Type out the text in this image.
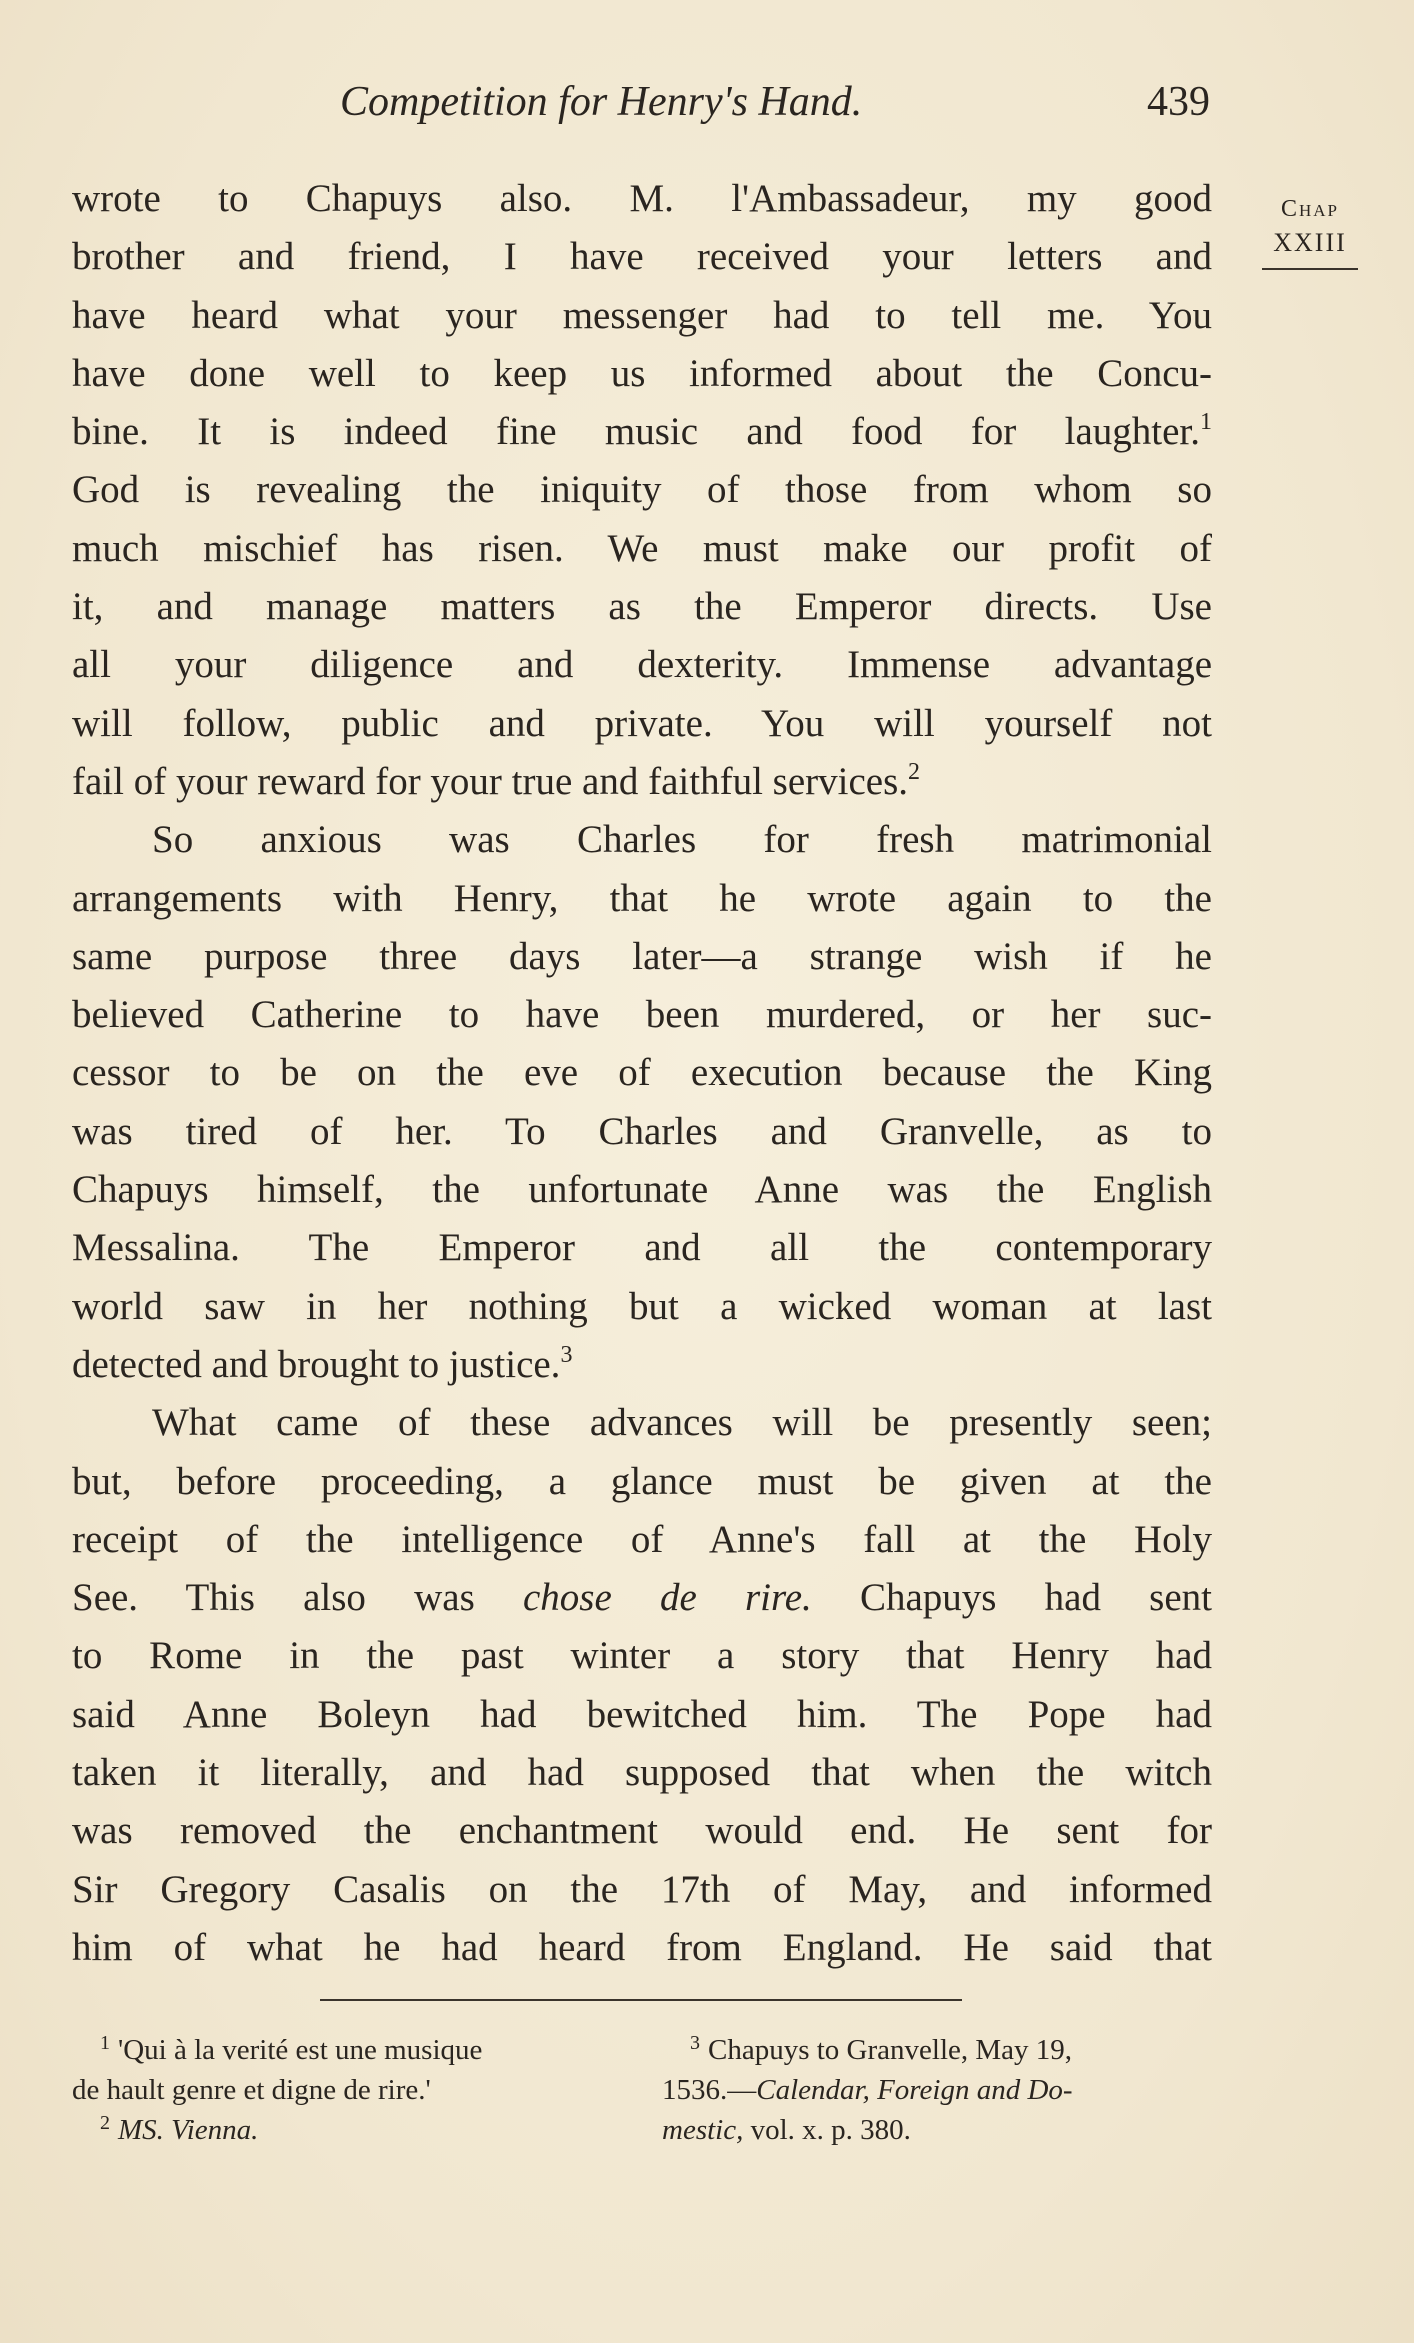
Competition for Henry's Hand.	439
Chap
XXIII
wrote to Chapuys also. M. l'Ambassadeur, my good
brother and friend, I have received your letters and
have heard what your messenger had to tell me. You
have done well to keep us informed about the Concu-
bine. It is indeed fine music and food for laughter.$^1$
God is revealing the iniquity of those from whom so
much mischief has risen. We must make our profit of
it, and manage matters as the Emperor directs. Use
all your diligence and dexterity. Immense advantage
will follow, public and private. You will yourself not
fail of your reward for your true and faithful services.$^2$
So anxious was Charles for fresh matrimonial
arrangements with Henry, that he wrote again to the
same purpose three days later—a strange wish if he
believed Catherine to have been murdered, or her suc-
cessor to be on the eve of execution because the King
was tired of her. To Charles and Granvelle, as to
Chapuys himself, the unfortunate Anne was the English
Messalina. The Emperor and all the contemporary
world saw in her nothing but a wicked woman at last
detected and brought to justice.$^3$
What came of these advances will be presently seen;
but, before proceeding, a glance must be given at the
receipt of the intelligence of Anne's fall at the Holy
See. This also was chose de rire. Chapuys had sent
to Rome in the past winter a story that Henry had
said Anne Boleyn had bewitched him. The Pope had
taken it literally, and had supposed that when the witch
was removed the enchantment would end. He sent for
Sir Gregory Casalis on the 17th of May, and informed
him of what he had heard from England. He said that
$^1$ 'Qui à la verité est une musique
de hault genre et digne de rire.'
$^2$ MS. Vienna.
$^3$ Chapuys to Granvelle, May 19,
1536.—Calendar, Foreign and Do-
mestic, vol. x. p. 380.
